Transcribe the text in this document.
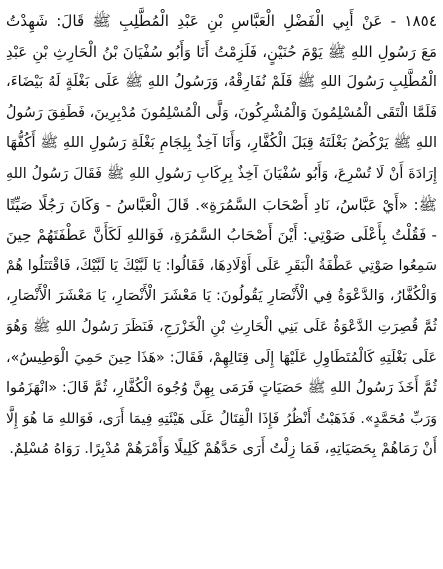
١٨٥٤ - عَنْ أَبِي الْفَضْلِ الْعَبَّاسِ بْنِ عَبْدِ الْمُطَّلِبِ ﷺ قَالَ: شَهِدْتُ

مَعَ رَسُولِ اللهِ ﷺ يَوْمَ حُنَيْنٍ، فَلَزِمْتُ أَنَا وَأَبُو سُفْيَانَ بْنُ الْحَارِثِ بْنِ عَبْدِ

الْمُطَّلِبِ رَسُولَ اللهِ ﷺ فَلَمْ نُفَارِقْهُ، وَرَسُولُ اللهِ ﷺ عَلَى بَغْلَةٍ لَهُ بَيْضَاءَ،

فَلَمَّا الْتَقَى الْمُسْلِمُونَ وَالْمُشْرِكُونَ، وَلَّى الْمُسْلِمُونَ مُدْبِرِينَ، فَطَفِقَ رَسُولُ

اللهِ ﷺ يَرْكُضُ بَغْلَتَهُ قِبَلَ الْكُفَّارِ، وَأَنَا آخِذٌ بِلِجَامِ بَغْلَةِ رَسُولِ اللهِ ﷺ أَكُفُّهَا

إِرَادَةَ أَنْ لَا تُسْرِعَ، وَأَبُو سُفْيَانَ آخِذٌ بِرِكَابِ رَسُولِ اللهِ ﷺ فَقَالَ رَسُولُ اللهِ

ﷺ: «أَيْ عَبَّاسُ، نَادِ أَصْحَابَ السَّمُرَةِ». قَالَ الْعَبَّاسُ - وَكَانَ رَجُلًا صَيِّتًا

- فَقُلْتُ بِأَعْلَى صَوْتِي: أَيْنَ أَصْحَابُ السَّمُرَةِ، فَوَاللهِ لَكَأَنَّ عَطْفَتَهُمْ حِينَ

سَمِعُوا صَوْتِي عَطْفَةُ الْبَقَرِ عَلَى أَوْلَادِهَا، فَقَالُوا: يَا لَبَّيْكَ يَا لَبَّيْكَ، فَاقْتَتَلُوا هُمْ

وَالْكُفَّارُ، وَالدَّعْوَةُ فِي الْأَنْصَارِ يَقُولُونَ: يَا مَعْشَرَ الْأَنْصَارِ، يَا مَعْشَرَ الْأَنْصَارِ،

ثُمَّ قُصِرَتِ الدَّعْوَةُ عَلَى بَنِي الْحَارِثِ بْنِ الْخَزْرَجِ، فَنَظَرَ رَسُولُ اللهِ ﷺ وَهُوَ

عَلَى بَغْلَتِهِ كَالْمُتَطَاوِلِ عَلَيْهَا إِلَى قِتَالِهِمْ، فَقَالَ: «هَذَا حِينَ حَمِيَ الْوَطِيسُ»،

ثُمَّ أَخَذَ رَسُولُ اللهِ ﷺ حَصَيَاتٍ فَرَمَى بِهِنَّ وُجُوهَ الْكُفَّارِ، ثُمَّ قَالَ: «انْهَزَمُوا

وَرَبِّ مُحَمَّدٍ». فَذَهَبْتُ أَنْظُرُ فَإِذَا الْقِتَالُ عَلَى هَيْئَتِهِ فِيمَا أَرَى، فَوَاللهِ مَا هُوَ إِلَّا

أَنْ رَمَاهُمْ بِحَصَيَاتِهِ، فَمَا زِلْتُ أَرَى حَدَّهُمْ كَلِيلًا وَأَمْرَهُمْ مُدْبِرًا. رَوَاهُ مُسْلِمٌ.
